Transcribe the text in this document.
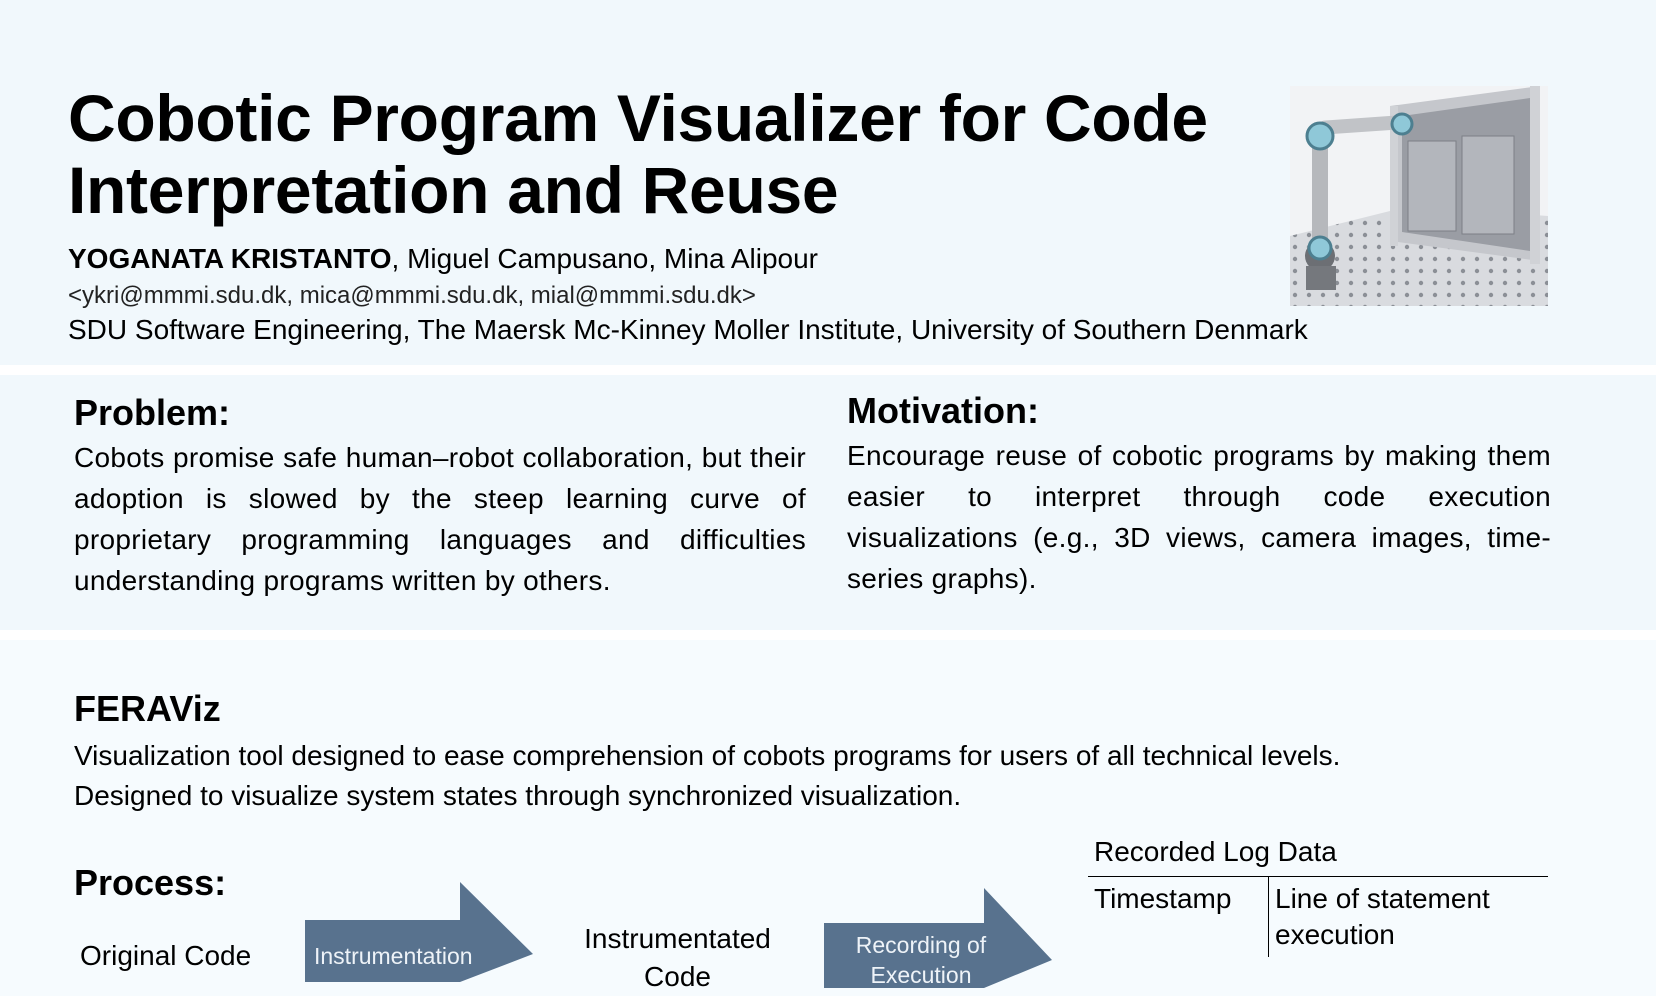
Cobotic Program Visualizer for Code
Interpretation and Reuse
YOGANATA KRISTANTO, Miguel Campusano, Mina Alipour
<ykri@mmmi.sdu.dk, mica@mmmi.sdu.dk, mial@mmmi.sdu.dk>
SDU Software Engineering, The Maersk Mc-Kinney Moller Institute, University of Southern Denmark
Problem:

Cobots promise safe human–robot collaboration, but their adoption is slowed by the steep learning curve of proprietary programming languages and difficulties understanding programs written by others.

Motivation:

Encourage reuse of cobotic programs by making them easier to interpret through code execution visualizations (e.g., 3D views, camera images, time-series graphs).

FERAViz

Visualization tool designed to ease comprehension of cobots programs for users of all technical levels.

Designed to visualize system states through synchronized visualization.

Process:
Original Code	Instrumentation
Instrumentated
Code
Recording of
Execution
Recorded Log Data
Timestamp	Line of statement execution
